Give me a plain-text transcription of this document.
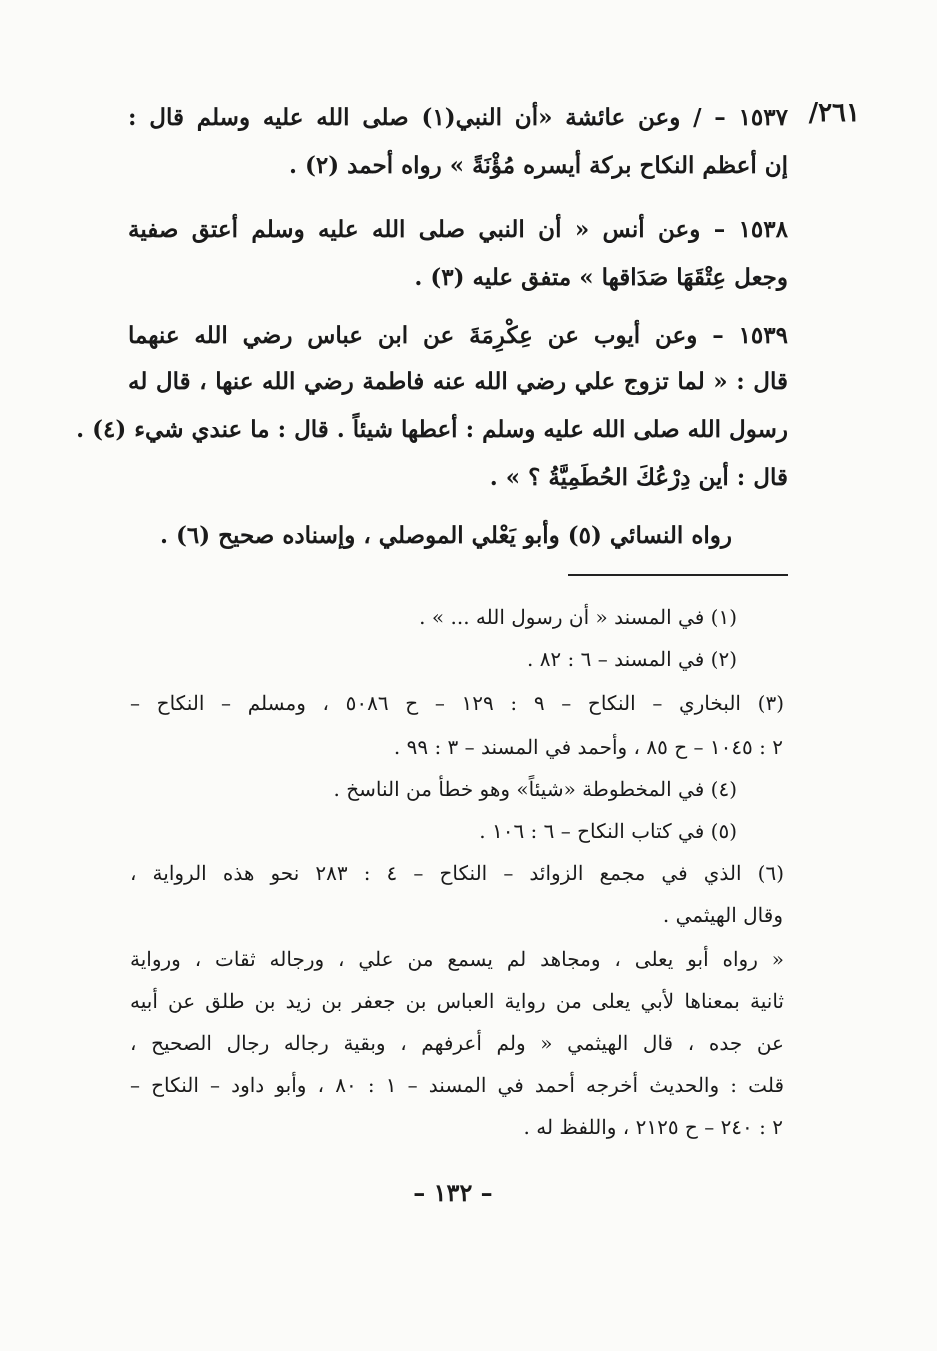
/٢٦١
١٥٣٧ – / وعن عائشة «أن النبي(١) صلى الله عليه وسلم قال :
إن أعظم النكاح بركة أيسره مُؤْنَةً » رواه أحمد (٢) .
١٥٣٨ – وعن أنس « أن النبي صلى الله عليه وسلم أعتق صفية
وجعل عِتْقَهَا صَدَاقها » متفق عليه (٣) .
١٥٣٩ – وعن أيوب عن عِكْرِمَةَ عن ابن عباس رضي الله عنهما
قال : « لما تزوج علي رضي الله عنه فاطمة رضي الله عنها ، قال له
رسول الله صلى الله عليه وسلم : أعطها شيئاً . قال : ما عندي شيء (٤) .
قال : أين دِرْعُكَ الحُطَمِيَّةُ ؟ » .
رواه النسائي (٥) وأبو يَعْلي الموصلي ، وإسناده صحيح (٦) .
(١) في المسند « أن رسول الله ... » .
(٢) في المسند – ٦ : ٨٢ .
(٣) البخاري – النكاح – ٩ : ١٢٩ – ح ٥٠٨٦ ، ومسلم – النكاح –
٢ : ١٠٤٥ – ح ٨٥ ، وأحمد في المسند – ٣ : ٩٩ .
(٤) في المخطوطة «شيئاً» وهو خطأ من الناسخ .
(٥) في كتاب النكاح – ٦ : ١٠٦ .
(٦) الذي في مجمع الزوائد – النكاح – ٤ : ٢٨٣ نحو هذه الرواية ،
وقال الهيثمي .
« رواه أبو يعلى ، ومجاهد لم يسمع من علي ، ورجاله ثقات ، ورواية
ثانية بمعناها لأبي يعلى من رواية العباس بن جعفر بن زيد بن طلق عن أبيه
عن جده ، قال الهيثمي « ولم أعرفهم ، وبقية رجاله رجال الصحيح ،
قلت : والحديث أخرجه أحمد في المسند – ١ : ٨٠ ، وأبو داود – النكاح –
٢ : ٢٤٠ – ح ٢١٢٥ ، واللفظ له .
– ١٣٢ –
